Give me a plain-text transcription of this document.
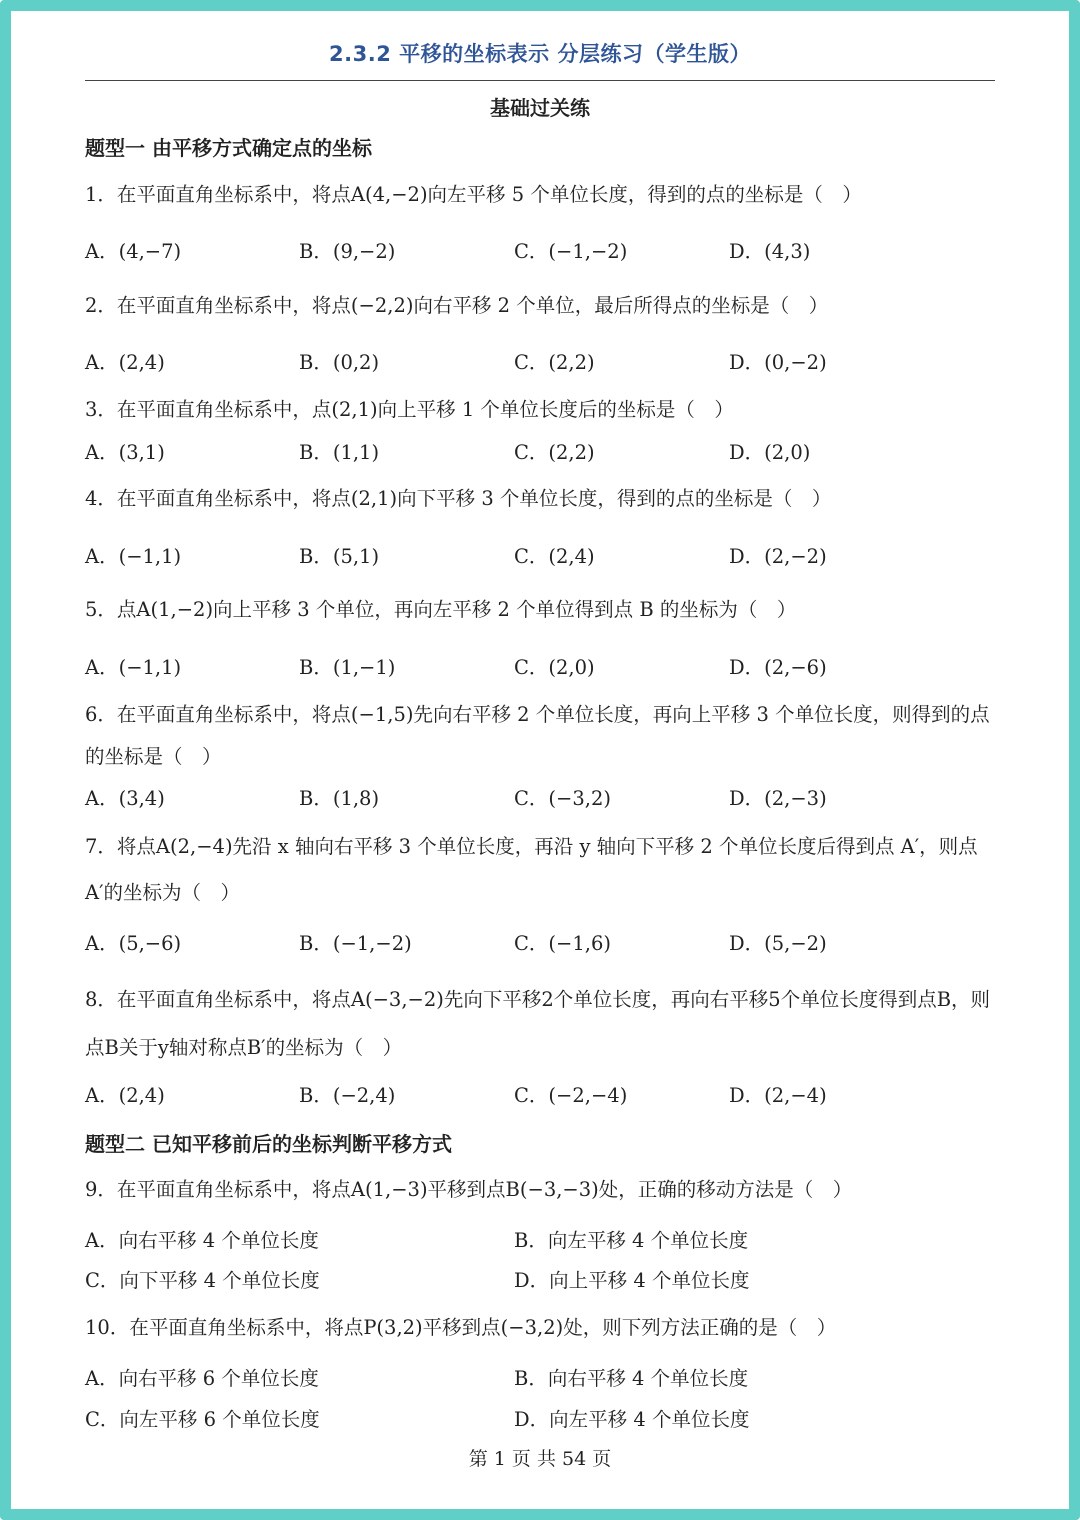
2.3.2 平移的坐标表示 分层练习（学生版）
基础过关练
题型一 由平移方式确定点的坐标
1．在平面直角坐标系中，将点A(4,−2)向左平移 5 个单位长度，得到的点的坐标是（　）
A．(4,−7)	B．(9,−2)	C．(−1,−2)	D．(4,3)
2．在平面直角坐标系中，将点(−2,2)向右平移 2 个单位，最后所得点的坐标是（　）
A．(2,4)	B．(0,2)	C．(2,2)	D．(0,−2)
3．在平面直角坐标系中，点(2,1)向上平移 1 个单位长度后的坐标是（　）
A．(3,1)	B．(1,1)	C．(2,2)	D．(2,0)
4．在平面直角坐标系中，将点(2,1)向下平移 3 个单位长度，得到的点的坐标是（　）
A．(−1,1)	B．(5,1)	C．(2,4)	D．(2,−2)
5．点A(1,−2)向上平移 3 个单位，再向左平移 2 个单位得到点 B 的坐标为（　）
A．(−1,1)	B．(1,−1)	C．(2,0)	D．(2,−6)
6．在平面直角坐标系中，将点(−1,5)先向右平移 2 个单位长度，再向上平移 3 个单位长度，则得到的点的坐标是（　）
A．(3,4)	B．(1,8)	C．(−3,2)	D．(2,−3)
7．将点A(2,−4)先沿 x 轴向右平移 3 个单位长度，再沿 y 轴向下平移 2 个单位长度后得到点 A′，则点A′的坐标为（　）
A．(5,−6)	B．(−1,−2)	C．(−1,6)	D．(5,−2)
8．在平面直角坐标系中，将点A(−3,−2)先向下平移2个单位长度，再向右平移5个单位长度得到点B，则点B关于y轴对称点B′的坐标为（　）
A．(2,4)	B．(−2,4)	C．(−2,−4)	D．(2,−4)
题型二 已知平移前后的坐标判断平移方式
9．在平面直角坐标系中，将点A(1,−3)平移到点B(−3,−3)处，正确的移动方法是（　）
A．向右平移 4 个单位长度	B．向左平移 4 个单位长度
C．向下平移 4 个单位长度	D．向上平移 4 个单位长度
10．在平面直角坐标系中，将点P(3,2)平移到点(−3,2)处，则下列方法正确的是（　）
A．向右平移 6 个单位长度	B．向右平移 4 个单位长度
C．向左平移 6 个单位长度	D．向左平移 4 个单位长度
第 1 页 共 54 页
